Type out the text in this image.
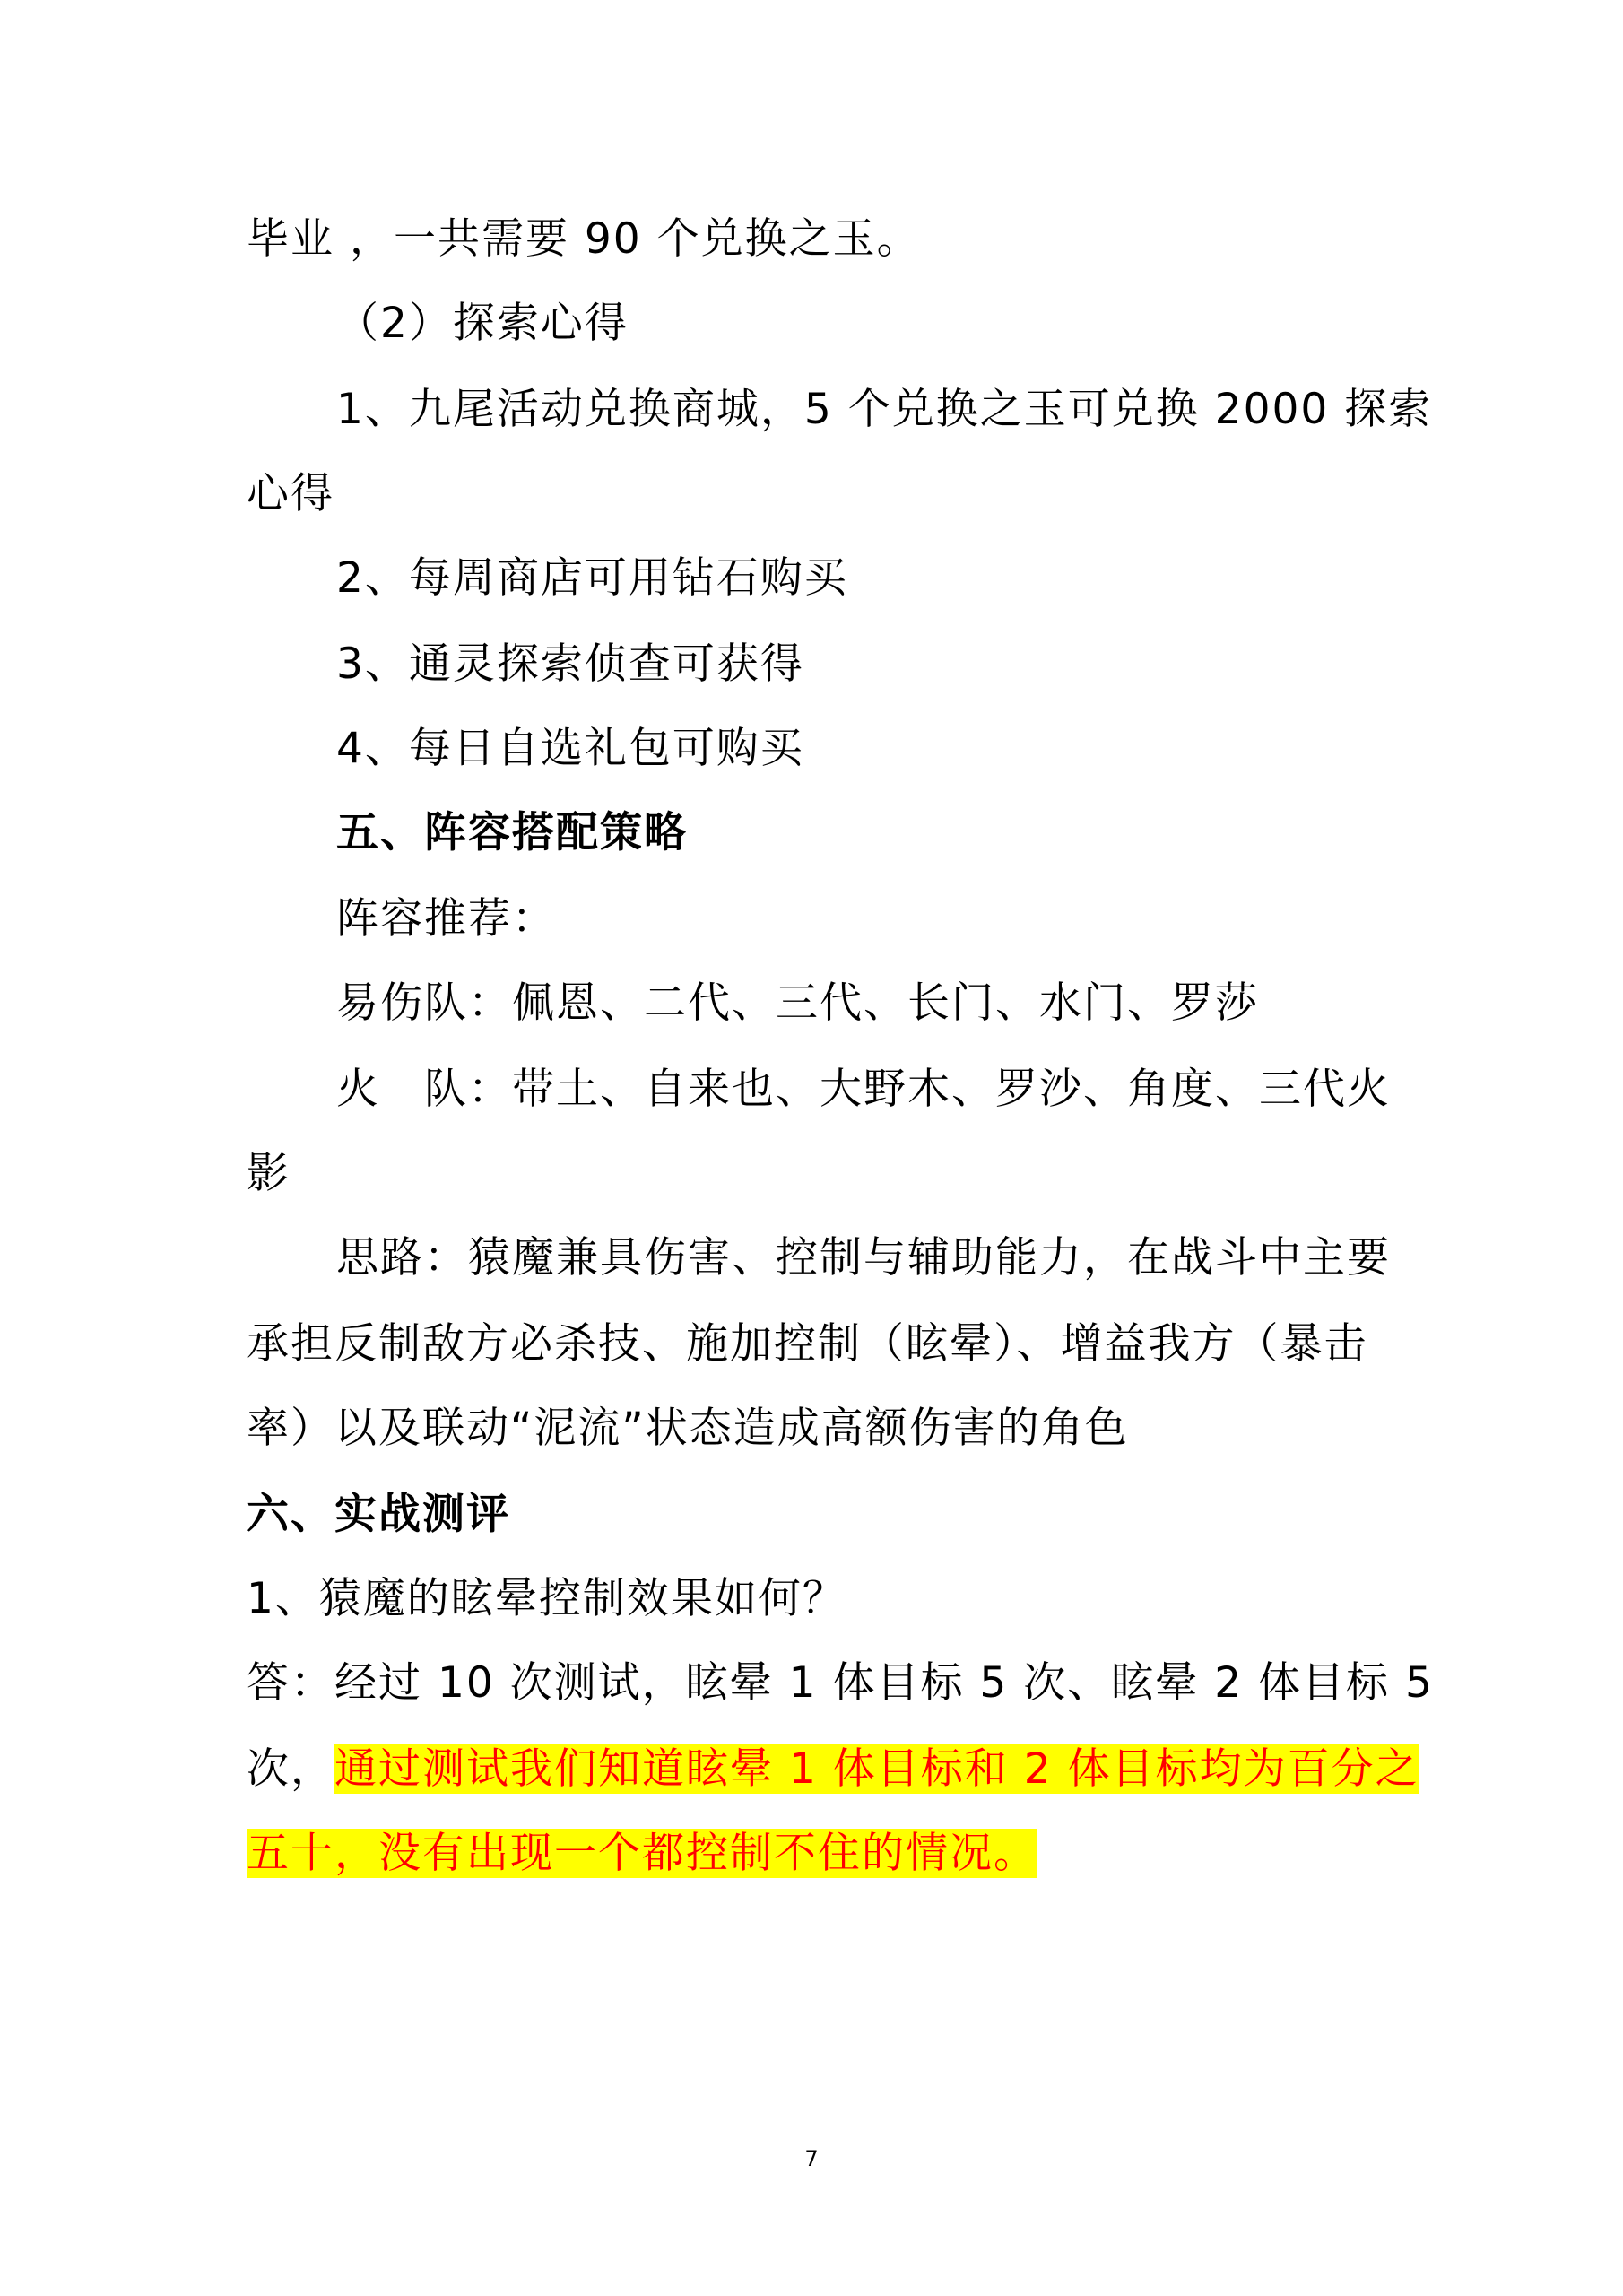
毕业 ，一共需要 90 个兑换之玉。
（2）探索心得
1、九尾活动兑换商城，5 个兑换之玉可兑换 2000 探索
心得
2、每周商店可用钻石购买
3、通灵探索侦查可获得
4、每日自选礼包可购买
五、阵容搭配策略
阵容推荐：
易伤队：佩恩、二代、三代、长门、水门、罗莎
火　队：带土、自来也、大野木、罗沙、角度、三代火
影
思路：猿魔兼具伤害、控制与辅助能力，在战斗中主要
承担反制敌方必杀技、施加控制（眩晕）、增益我方（暴击
率）以及联动“泥流”状态造成高额伤害的角色
六、实战测评
1、猿魔的眩晕控制效果如何？
答：经过 10 次测试，眩晕 1 体目标 5 次、眩晕 2 体目标 5
次，通过测试我们知道眩晕 1 体目标和 2 体目标均为百分之
五十，没有出现一个都控制不住的情况。
7
